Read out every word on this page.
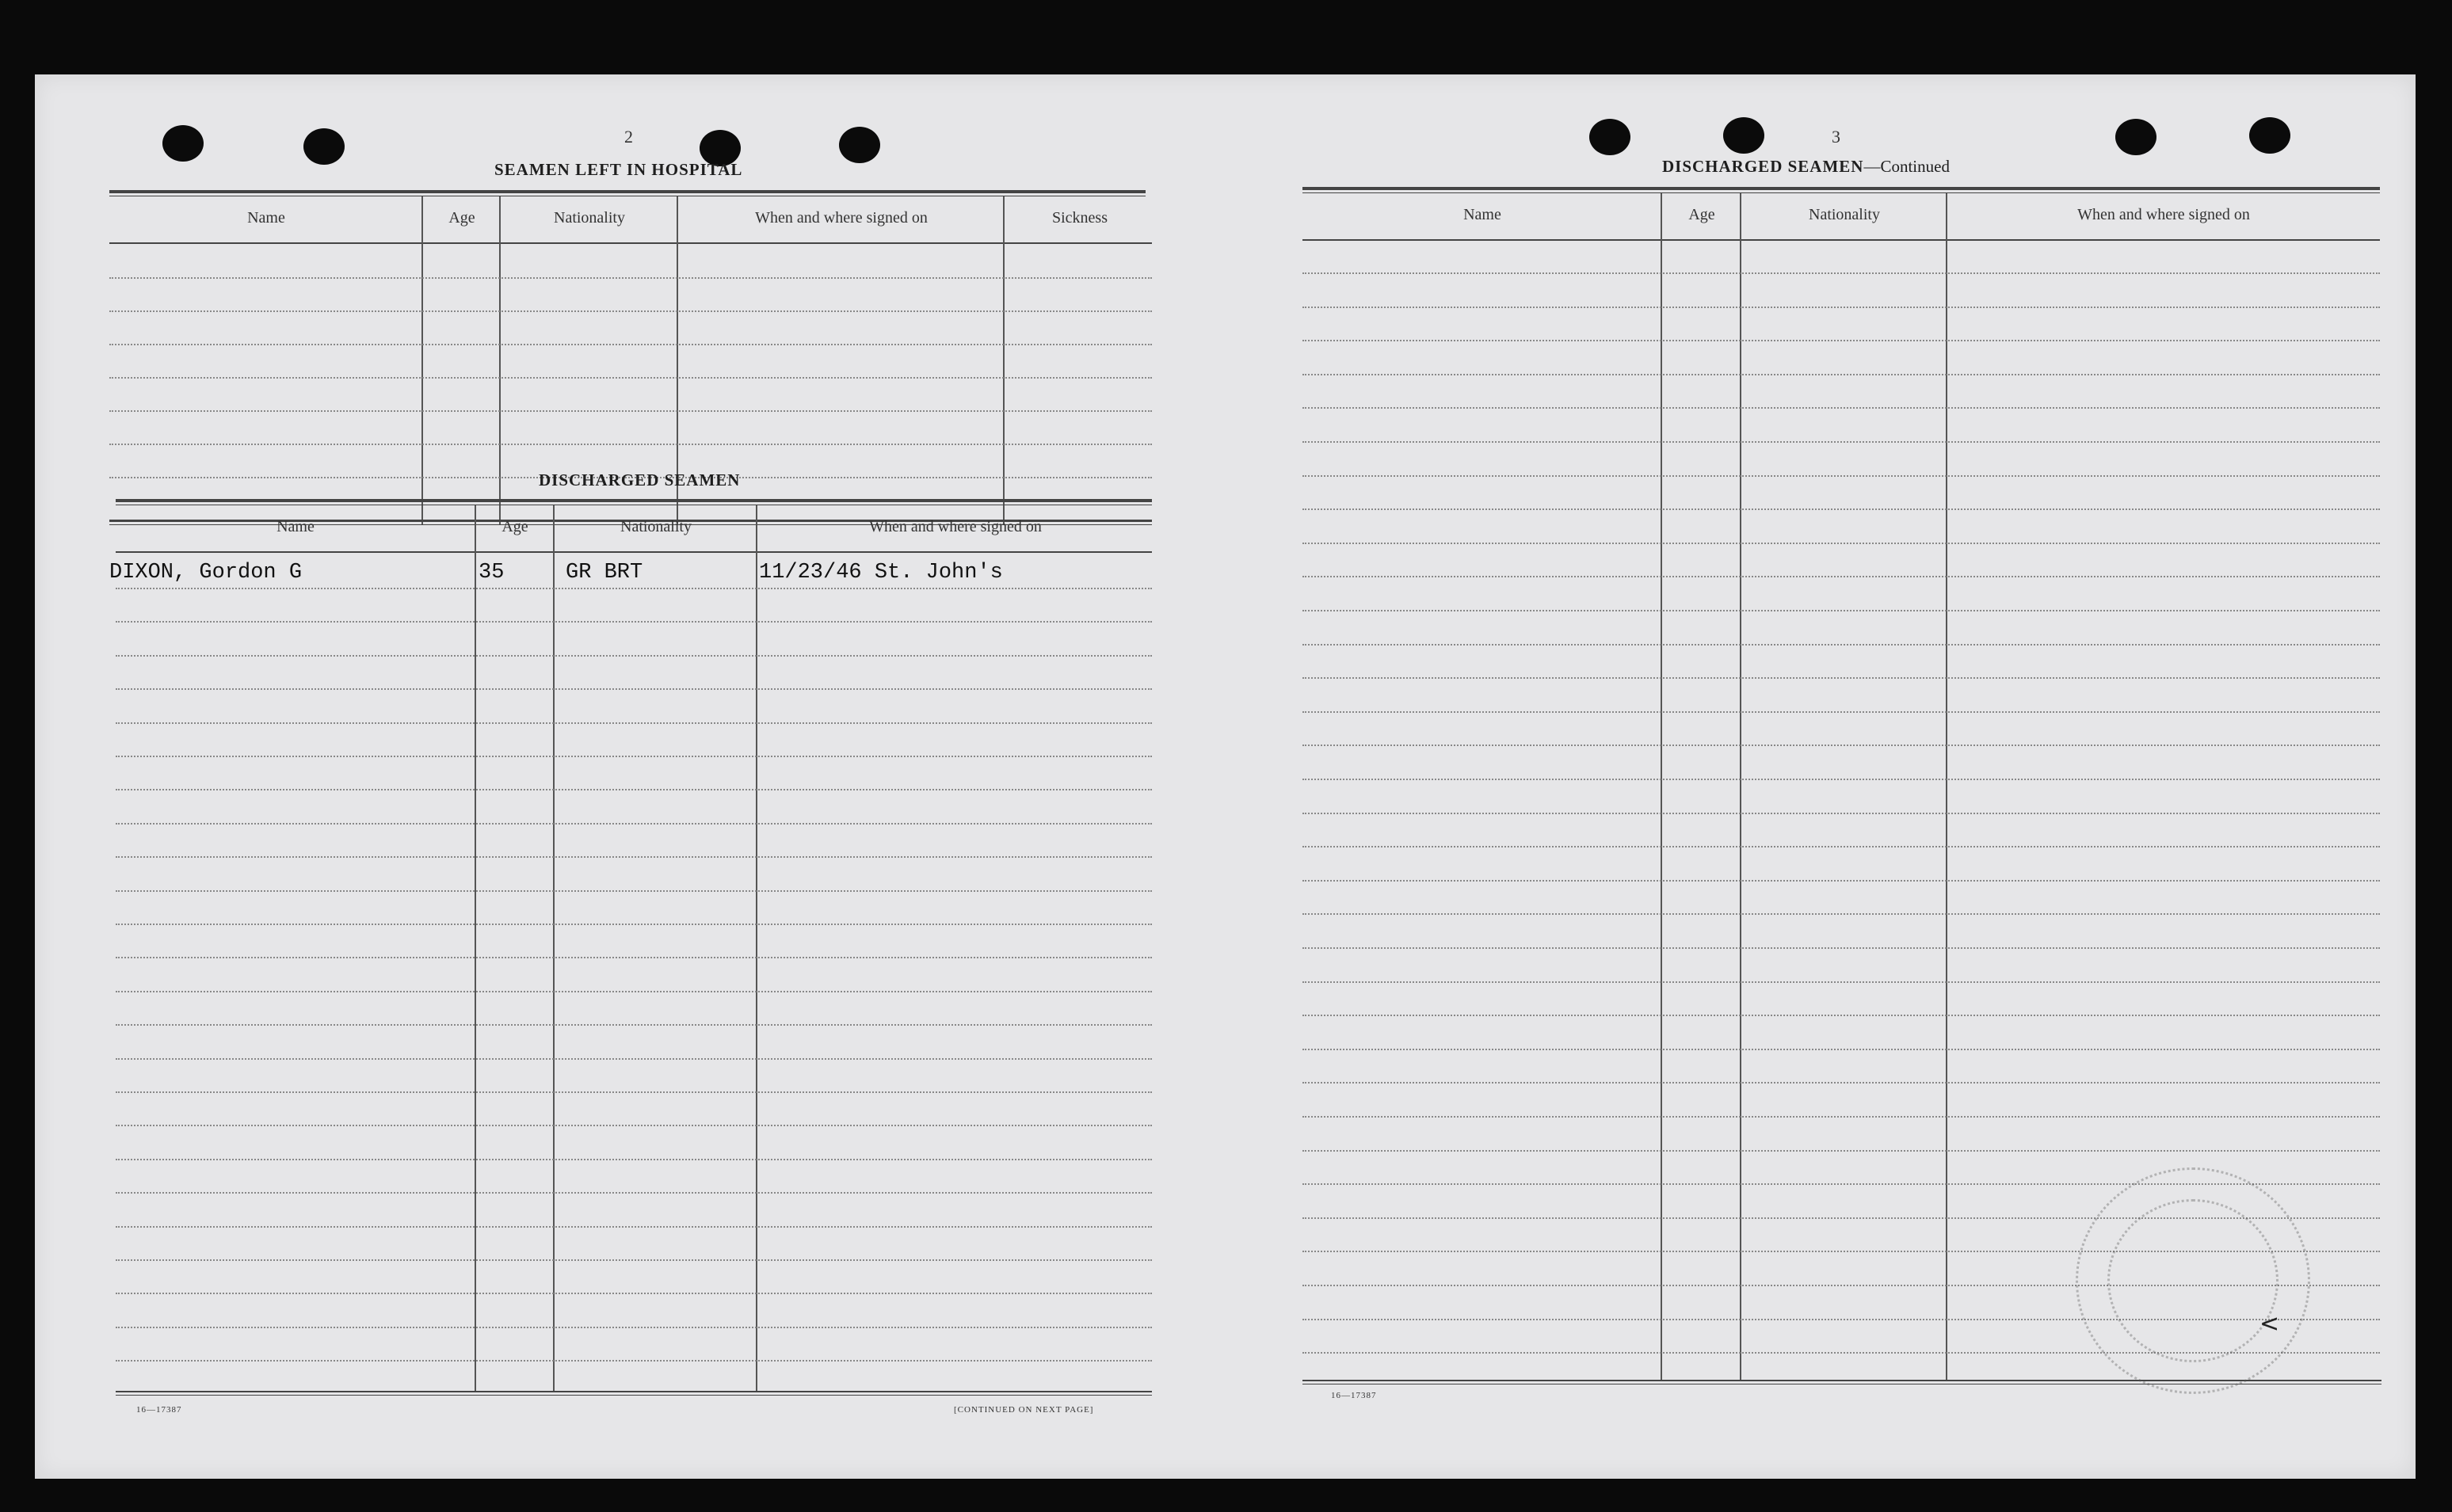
2
SEAMEN LEFT IN HOSPITAL
Name	Age	Nationality	When and where signed on	Sickness
DISCHARGED SEAMEN
Name	Age	Nationality	When and where signed on
DIXON, Gordon G	35	GR BRT	11/23/46 St. John's
16—17387	[CONTINUED ON NEXT PAGE]
3
DISCHARGED SEAMEN—Continued
Name	Age	Nationality	When and where signed on
<
16—17387
